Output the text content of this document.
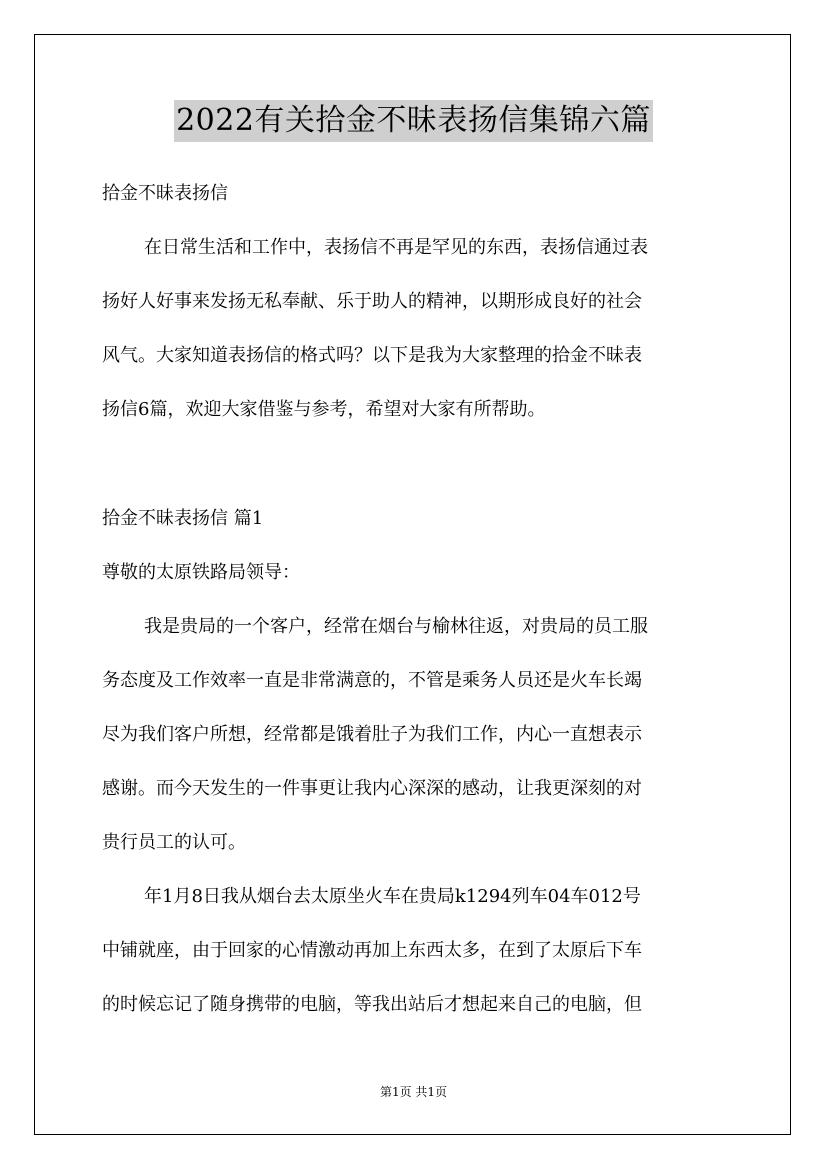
2022有关拾金不昧表扬信集锦六篇
拾金不昧表扬信
在日常生活和工作中，表扬信不再是罕见的东西，表扬信通过表
扬好人好事来发扬无私奉献、乐于助人的精神，以期形成良好的社会
风气。大家知道表扬信的格式吗？以下是我为大家整理的拾金不昧表
扬信6篇，欢迎大家借鉴与参考，希望对大家有所帮助。
拾金不昧表扬信 篇1
尊敬的太原铁路局领导：
我是贵局的一个客户，经常在烟台与榆林往返，对贵局的员工服
务态度及工作效率一直是非常满意的，不管是乘务人员还是火车长竭
尽为我们客户所想，经常都是饿着肚子为我们工作，内心一直想表示
感谢。而今天发生的一件事更让我内心深深的感动，让我更深刻的对
贵行员工的认可。
年1月8日我从烟台去太原坐火车在贵局k1294列车04车012号
中铺就座，由于回家的心情激动再加上东西太多，在到了太原后下车
的时候忘记了随身携带的电脑，等我出站后才想起来自己的电脑，但
第1页 共1页
